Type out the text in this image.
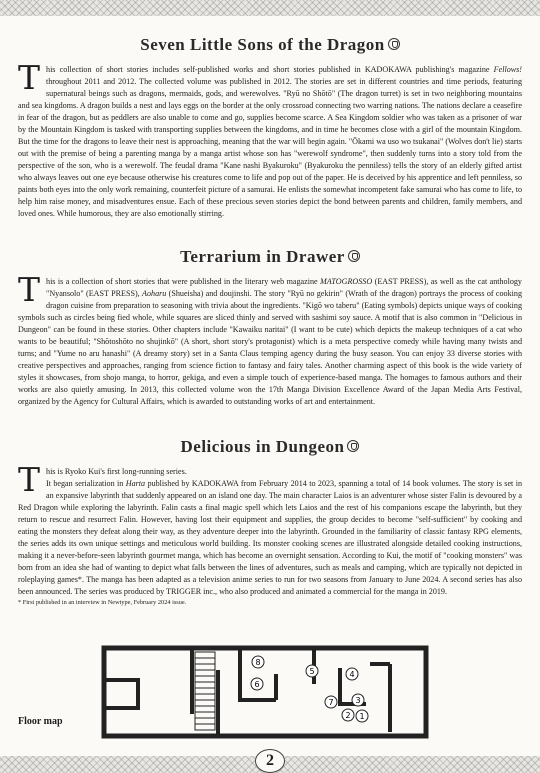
Seven Little Sons of the Dragon

This collection of short stories includes self-published works and short stories published in KADOKAWA publishing's magazine Fellows! throughout 2011 and 2012. The collected volume was published in 2012. The stories are set in different countries and time periods, featuring supernatural beings such as dragons, mermaids, gods, and werewolves. "Ryū no Shōtō" (The dragon turret) is set in two neighboring mountains and sea kingdoms. A dragon builds a nest and lays eggs on the border at the only crossroad connecting two warring nations. The nations declare a ceasefire in fear of the dragon, but as peddlers are also unable to come and go, supplies become scarce. A Sea Kingdom soldier who was taken as a prisoner of war by the Mountain Kingdom is tasked with transporting supplies between the kingdoms, and in time he becomes close with a girl of the mountain Kingdom. But the time for the dragons to leave their nest is approaching, meaning that the war will begin again. "Ōkami wa uso wo tsukanai" (Wolves don't lie) starts out with the premise of being a parenting manga by a manga artist whose son has "werewolf syndrome", then suddenly turns into a story told from the perspective of the son, who is a werewolf. The feudal drama "Kane nashi Byakuroku" (Byakuroku the penniless) tells the story of an elderly gifted artist who always leaves out one eye because otherwise his creatures come to life and pop out of the paper. He is deceived by his apprentice and left penniless, so paints both eyes into the only work remaining, counterfeit picture of a samurai. He enlists the somewhat incompetent fake samurai who has come to life, to help him raise money, and misadventures ensue. Each of these precious seven stories depict the bond between parents and children, family members, and loved ones. While humorous, they are also emotionally stirring.

Terrarium in Drawer

This is a collection of short stories that were published in the literary web magazine MATOGROSSO (EAST PRESS), as well as the cat anthology "Nyansolo" (EAST PRESS), Aoharu (Shueisha) and doujinshi. The story "Ryū no gekirin" (Wrath of the dragon) portrays the process of cooking dragon cuisine from preparation to seasoning with trivia about the ingredients. "Kigō wo taberu" (Eating symbols) depicts unique ways of cooking symbols such as circles being fied whole, while squares are sliced thinly and served with sashimi soy sauce. A motif that is also common in "Delicious in Dungeon" can be found in these stories. Other chapters include "Kawaiku naritai" (I want to be cute) which depicts the makeup techniques of a cat who wants to be beautiful; "Shōtoshōto no shujinkō" (A short, short story's protagonist) which is a meta perspective comedy while having many twists and turns; and "Yume no aru hanashi" (A dreamy story) set in a Santa Claus temping agency during the busy season. You can enjoy 33 diverse stories with creative perspectives and approaches, ranging from science fiction to fantasy and fairy tales. Another charming aspect of this book is the wide variety of styles it showcases, from shojo manga, to horror, gekiga, and even a simple touch of experience-based manga. The homages to famous authors and their works are also quietly amusing. In 2013, this collected volume won the 17th Manga Division Excellence Award of the Japan Media Arts Festival, organized by the Agency for Cultural Affairs, which is awarded to outstanding works of art and entertainment.

Delicious in Dungeon

This is Ryoko Kui's first long-running series.
It began serialization in Harta published by KADOKAWA from February 2014 to 2023, spanning a total of 14 book volumes. The story is set in an expansive labyrinth that suddenly appeared on an island one day. The main character Laios is an adventurer whose sister Falin is devoured by a Red Dragon while exploring the labyrinth. Falin casts a final magic spell which lets Laios and the rest of his companions escape the labyrinth, but they return to rescue and resurrect Falin. However, having lost their equipment and supplies, the group decides to become "self-sufficient" by cooking and eating the monsters they defeat along their way, as they adventure deeper into the labyrinth. Grounded in the familiarity of classic fantasy RPG elements, the series adds its own unique settings and meticulous world building. Its monster cooking scenes are illustrated alongside detailed cooking instructions, making it a never-before-seen labyrinth gourmet manga, which has become an overnight sensation. According to Kui, the motif of "cooking monsters" was born from an idea she had of wanting to depict what falls between the lines of adventures, such as meals and camping, which are typically not depicted in roleplaying games*. The manga has been adapted as a television anime series to run for two seasons from January to June 2024. A second series has also been announced. The series was produced by TRIGGER inc., who also produced and animated a commercial for the manga in 2019.

* First published in an interview in Newtype, February 2024 issue.

Floor map
8
6
5	4
7	3
2 1
2
